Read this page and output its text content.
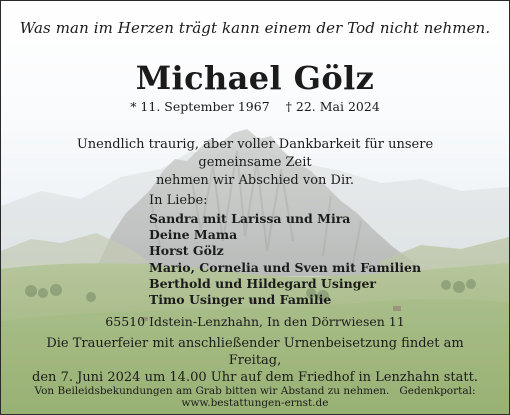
Was man im Herzen trägt kann einem der Tod nicht nehmen.
Michael Gölz
* 11. September 1967 † 22. Mai 2024
Unendlich traurig, aber voller Dankbarkeit für unsere gemeinsame Zeit
nehmen wir Abschied von Dir.
In Liebe:
Sandra mit Larissa und Mira
Deine Mama
Horst Gölz
Mario, Cornelia und Sven mit Familien
Berthold und Hildegard Usinger
Timo Usinger und Familie
65510 Idstein-Lenzhahn, In den Dörrwiesen 11
Die Trauerfeier mit anschließender Urnenbeisetzung findet am Freitag,
den 7. Juni 2024 um 14.00 Uhr auf dem Friedhof in Lenzhahn statt.
Von Beileidsbekundungen am Grab bitten wir Abstand zu nehmen. Gedenkportal: www.bestattungen-ernst.de
